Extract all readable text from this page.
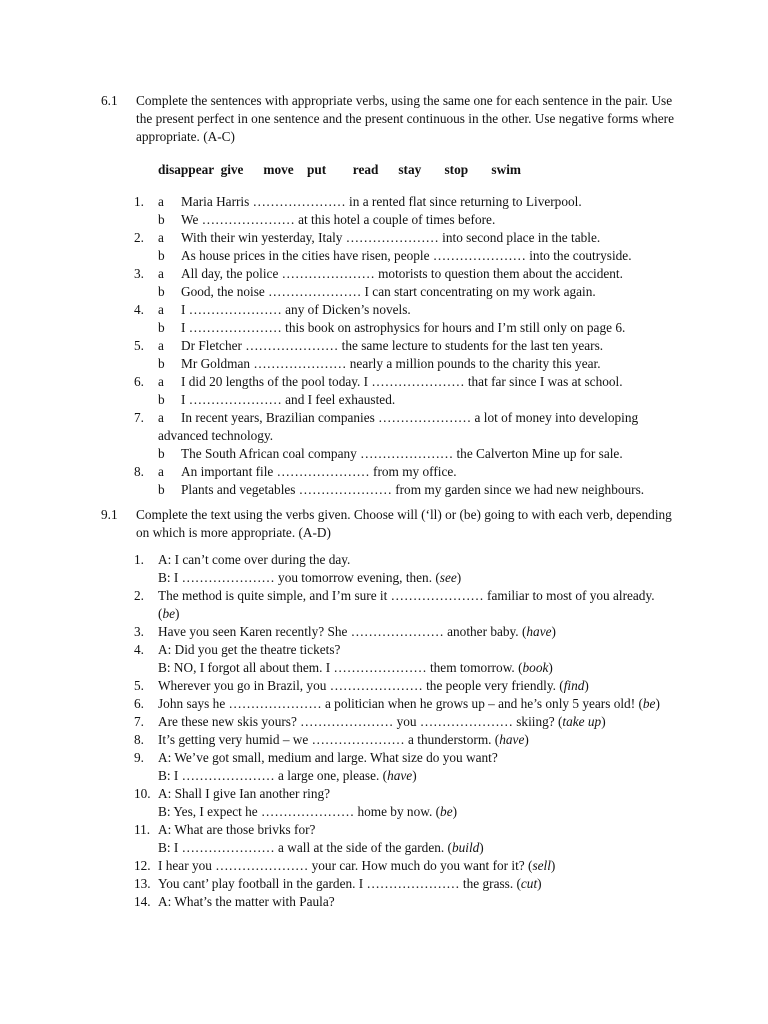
6.1 Complete the sentences with appropriate verbs, using the same one for each sentence in the pair. Use the present perfect in one sentence and the present continuous in the other. Use negative forms where appropriate. (A-C)
disappear  give      move    put        read      stay       stop       swim
1. a Maria Harris ………………… in a rented flat since returning to Liverpool.
b We ………………… at this hotel a couple of times before.
2. a With their win yesterday, Italy ………………… into second place in the table.
b As house prices in the cities have risen, people ………………… into the coutryside.
3. a All day, the police ………………… motorists to question them about the accident.
b Good, the noise ………………… I can start concentrating on my work again.
4. a I ………………… any of Dicken’s novels.
b I ………………… this book on astrophysics for hours and I’m still only on page 6.
5. a Dr Fletcher ………………… the same lecture to students for the last ten years.
b Mr Goldman ………………… nearly a million pounds to the charity this year.
6. a I did 20 lengths of the pool today. I ………………… that far since I was at school.
b I ………………… and I feel exhausted.
7. a In recent years, Brazilian companies ………………… a lot of money into developing
advanced technology.
b The South African coal company ………………… the Calverton Mine up for sale.
8. a An important file ………………… from my office.
b Plants and vegetables ………………… from my garden since we had new neighbours.
9.1 Complete the text using the verbs given. Choose will (‘ll) or (be) going to with each verb, depending on which is more appropriate. (A-D)
1. A: I can’t come over during the day.
B: I ………………… you tomorrow evening, then. (see)
2. The method is quite simple, and I’m sure it ………………… familiar to most of you already.
(be)
3. Have you seen Karen recently? She ………………… another baby. (have)
4. A: Did you get the theatre tickets?
B: NO, I forgot all about them. I ………………… them tomorrow. (book)
5. Wherever you go in Brazil, you ………………… the people very friendly. (find)
6. John says he ………………… a politician when he grows up – and he’s only 5 years old! (be)
7. Are these new skis yours? ………………… you ………………… skiing? (take up)
8. It’s getting very humid – we ………………… a thunderstorm. (have)
9. A: We’ve got small, medium and large. What size do you want?
B: I ………………… a large one, please. (have)
10. A: Shall I give Ian another ring?
B: Yes, I expect he ………………… home by now. (be)
11. A: What are those brivks for?
B: I ………………… a wall at the side of the garden. (build)
12. I hear you ………………… your car. How much do you want for it? (sell)
13. You cant’ play football in the garden. I ………………… the grass. (cut)
14. A: What’s the matter with Paula?
